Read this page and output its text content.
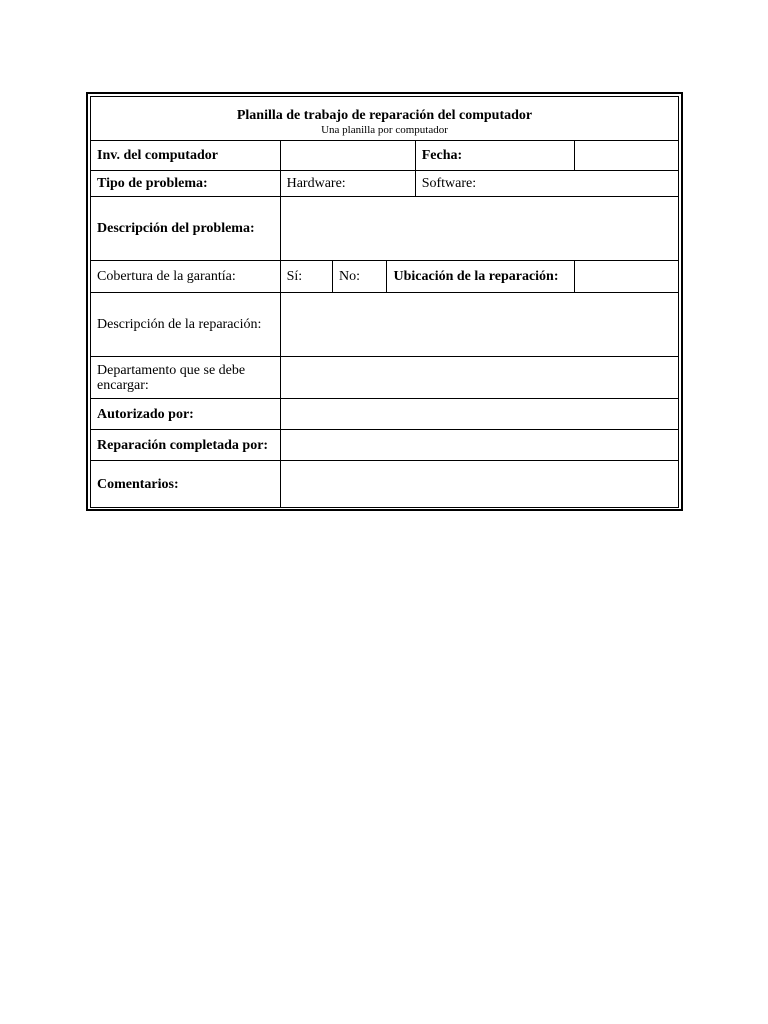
Planilla de trabajo de reparación del computador
Una planilla por computador					

Inv. del computador				Fecha:	
Tipo de problema:	Hardware:			Software:	
Descripción del problema:					
Cobertura de la garantía:	Sí:	No:	Ubicación de la reparación:		
Descripción de la reparación:					
Departamento que se debe encargar:					
Autorizado por:					
Reparación completada por:					
Comentarios:					
